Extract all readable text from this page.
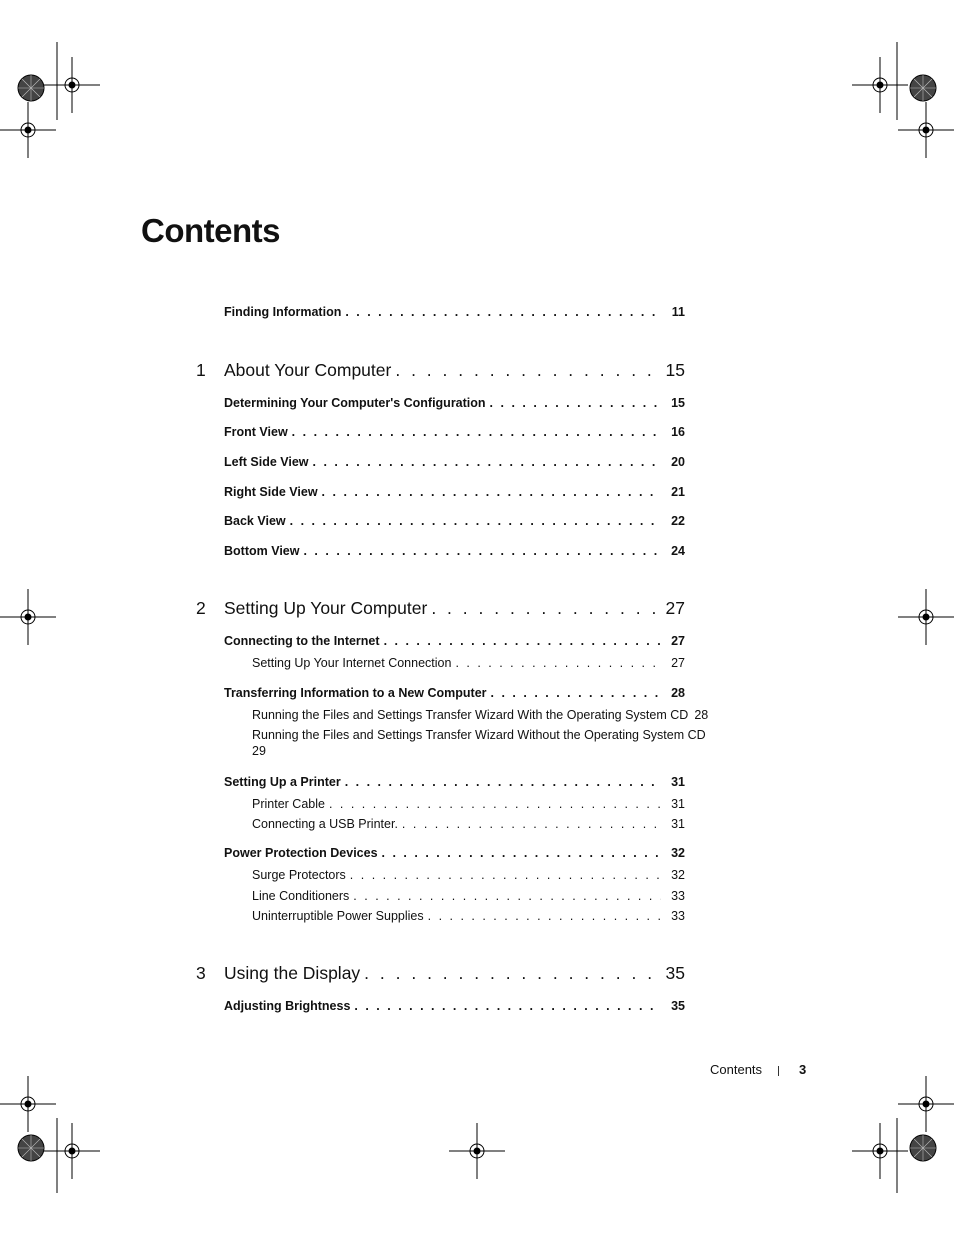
Contents
Finding Information . . .	11
1	About Your Computer . . .	15
Determining Your Computer's Configuration . . .	15
Front View . . .	16
Left Side View . . .	20
Right Side View . . .	21
Back View . . .	22
Bottom View . . .	24
2	Setting Up Your Computer . . .	27
Connecting to the Internet . . .	27
Setting Up Your Internet Connection . . .	27
Transferring Information to a New Computer . . .	28
Running the Files and Settings Transfer Wizard With the Operating System CD 28
Running the Files and Settings Transfer Wizard Without the Operating System CD
29
Setting Up a Printer . . .	31
Printer Cable . . .	31
Connecting a USB Printer. . . .	31
Power Protection Devices . . .	32
Surge Protectors . . .	32
Line Conditioners . . .	33
Uninterruptible Power Supplies . . .	33
3	Using the Display . . .	35
Adjusting Brightness . . .	35
Contents	3
